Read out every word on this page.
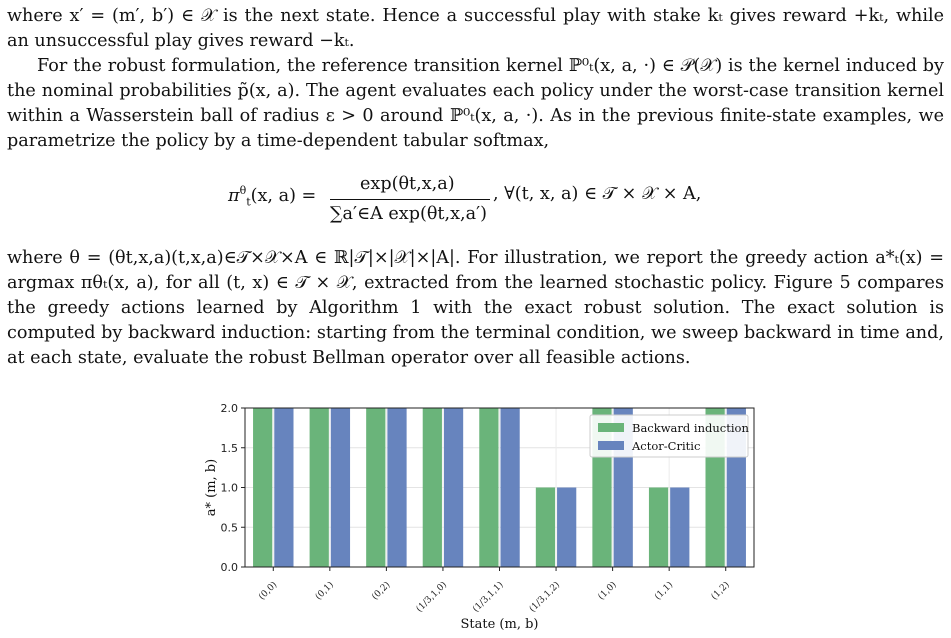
where x′ = (m′, b′) ∈ 𝒳 is the next state. Hence a successful play with stake kₜ gives reward +kₜ, while an unsuccessful play gives reward −kₜ.

For the robust formulation, the reference transition kernel ℙ⁰ₜ(x, a, ·) ∈ 𝒫(𝒳) is the kernel induced by the nominal probabilities p̃(x, a). The agent evaluates each policy under the worst-case transition kernel within a Wasserstein ball of radius ε > 0 around ℙ⁰ₜ(x, a, ·). As in the previous finite-state examples, we parametrize the policy by a time-dependent tabular softmax,

$\pi^\theta_t(x$, a) =
exp(θt,x,a)
∑a′∈A exp(θt,x,a′)
, ∀(t, x, a) ∈ 𝒯 × 𝒳 × A,

where θ = (θt,x,a)(t,x,a)∈𝒯×𝒳×A ∈ ℝ|𝒯|×|𝒳|×|A|. For illustration, we report the greedy action a*ₜ(x) = argmax πθₜ(x, a), for all (t, x) ∈ 𝒯 × 𝒳, extracted from the learned stochastic policy. Figure 5 compares the greedy actions learned by Algorithm 1 with the exact robust solution. The exact solution is computed by backward induction: starting from the terminal condition, we sweep backward in time and, at each state, evaluate the robust Bellman operator over all feasible actions.

0.0
0.5
1.0
1.5
2.0
(0,0)	(0,1)	(0,2) (1/3,1,0) (1/3,1,1) (1/3,1,2)	(1,0)	(1,1)	(1,2)
State (m, b)
a* (m, b)
Backward induction
Actor-Critic
